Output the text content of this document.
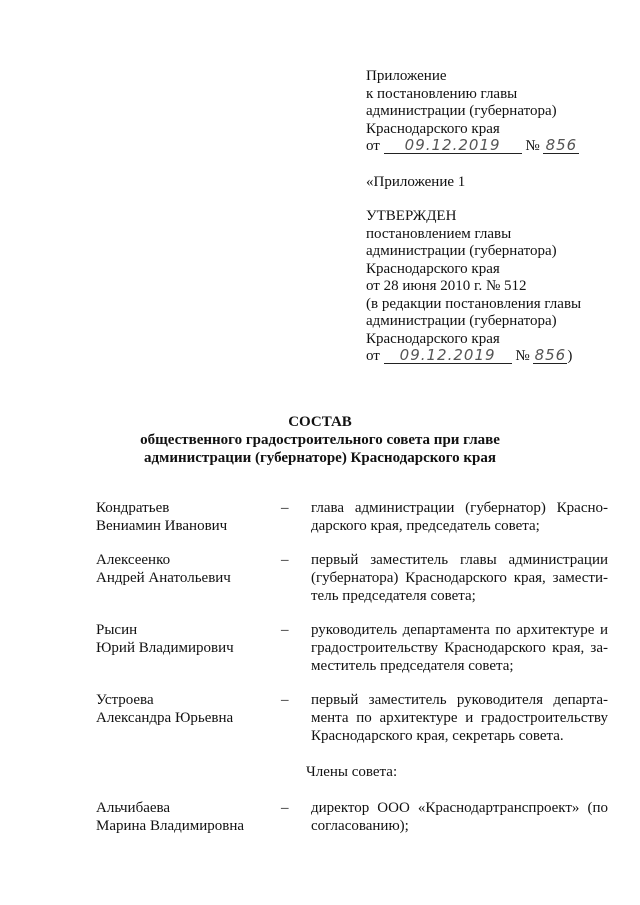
Приложение
к постановлению главы
администрации (губернатора)
Краснодарского края
от 09.12.2019 № 856
«Приложение 1
УТВЕРЖДЕН
постановлением главы
администрации (губернатора)
Краснодарского края
от 28 июня 2010 г. № 512
(в редакции постановления главы
администрации (губернатора)
Краснодарского края
от 09.12.2019 № 856)
СОСТАВ
общественного градостроительного совета при главе
администрации (губернаторе) Краснодарского края
Кондратьев
Вениамин Иванович
–	глава администрации (губернатор) Красно-дарского края, председатель совета;
Алексеенко
Андрей Анатольевич
–	первый заместитель главы администрации (губернатора) Краснодарского края, замести-тель председателя совета;
Рысин
Юрий Владимирович
–	руководитель департамента по архитектуре и градостроительству Краснодарского края, за-меститель председателя совета;
Устроева
Александра Юрьевна
–	первый заместитель руководителя департа-мента по архитектуре и градостроительству Краснодарского края, секретарь совета.
Члены совета:
Альчибаева
Марина Владимировна
–	директор ООО «Краснодартранспроект» (по согласованию);
